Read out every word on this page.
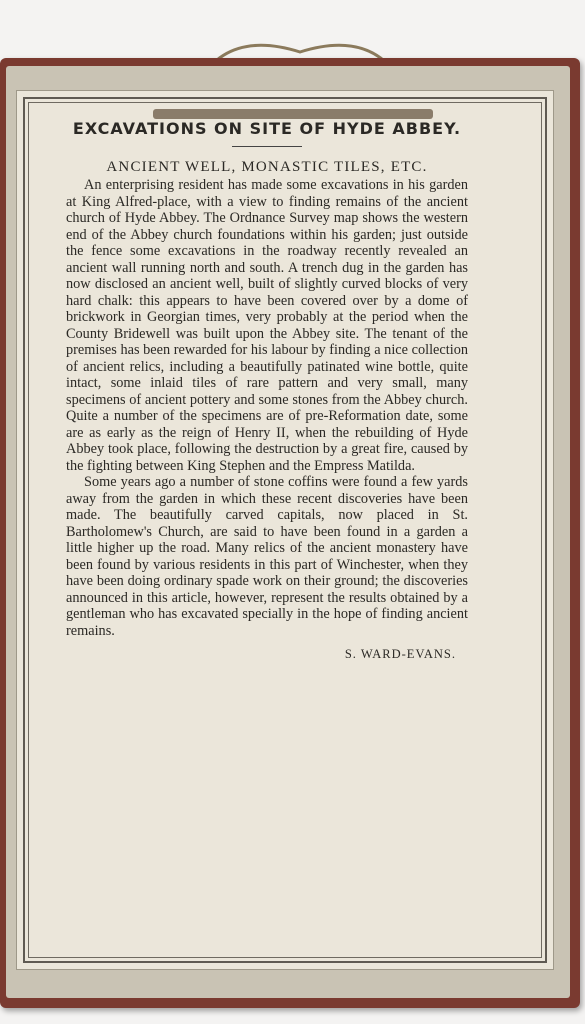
EXCAVATIONS ON SITE OF HYDE ABBEY.

ANCIENT WELL, MONASTIC TILES, ETC.

An enterprising resident has made some excavations in his garden at King Alfred-place, with a view to finding remains of the ancient church of Hyde Abbey. The Ordnance Survey map shows the western end of the Abbey church foundations within his garden; just outside the fence some excavations in the roadway recently revealed an ancient wall running north and south. A trench dug in the garden has now disclosed an ancient well, built of slightly curved blocks of very hard chalk: this appears to have been covered over by a dome of brickwork in Georgian times, very probably at the period when the County Bridewell was built upon the Abbey site. The tenant of the premises has been rewarded for his labour by finding a nice collection of ancient relics, including a beautifully patinated wine bottle, quite intact, some inlaid tiles of rare pattern and very small, many specimens of ancient pottery and some stones from the Abbey church. Quite a number of the specimens are of pre-Reformation date, some are as early as the reign of Henry II, when the rebuilding of Hyde Abbey took place, following the destruction by a great fire, caused by the fighting between King Stephen and the Empress Matilda.

Some years ago a number of stone coffins were found a few yards away from the garden in which these recent discoveries have been made. The beautifully carved capitals, now placed in St. Bartholomew's Church, are said to have been found in a garden a little higher up the road. Many relics of the ancient monastery have been found by various residents in this part of Winchester, when they have been doing ordinary spade work on their ground; the discoveries announced in this article, however, represent the results obtained by a gentleman who has excavated specially in the hope of finding ancient remains.

S. WARD-EVANS.
